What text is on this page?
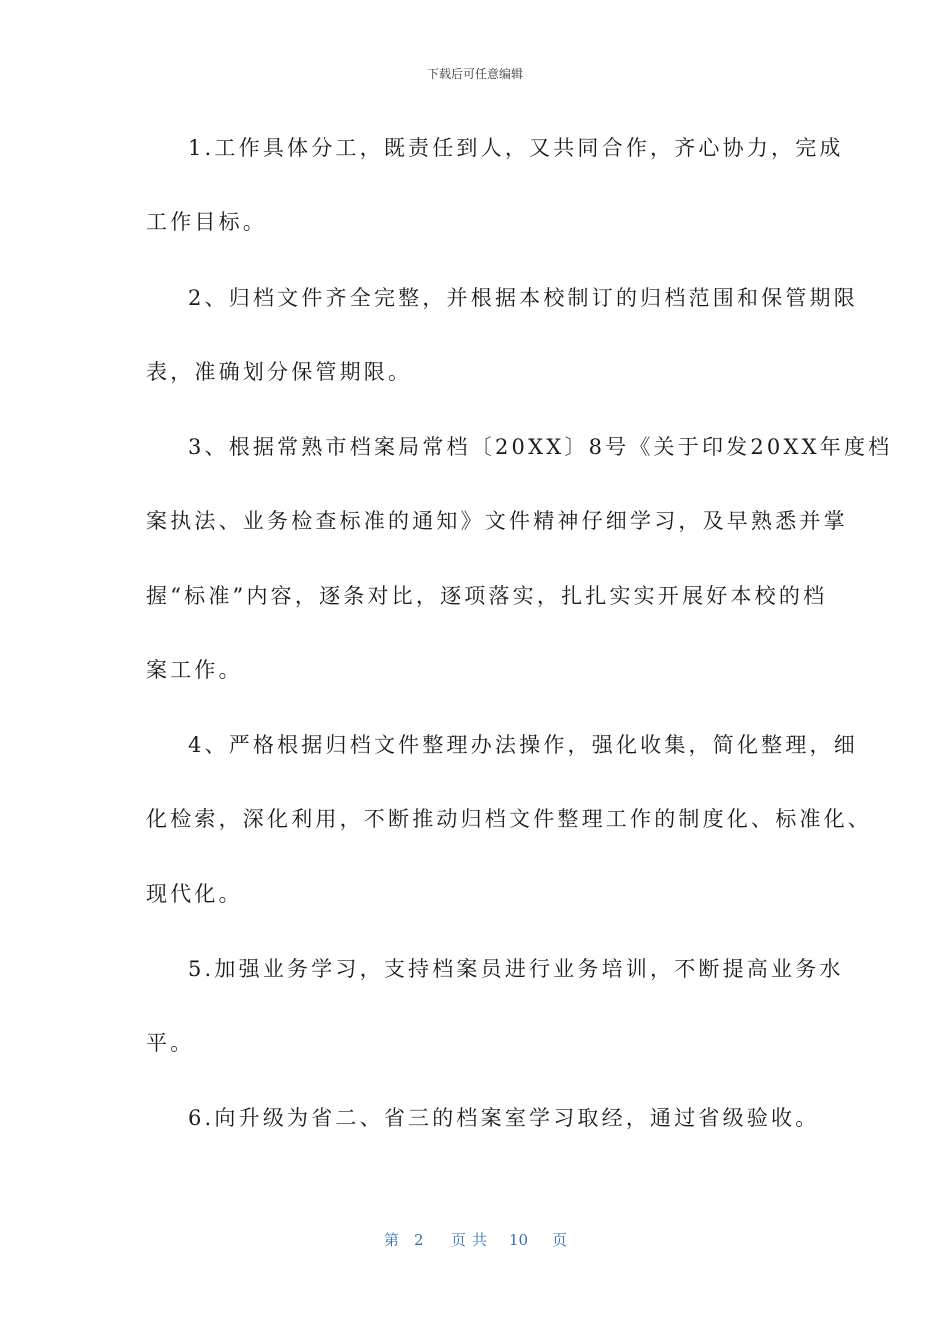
下载后可任意编辑
1.工作具体分工，既责任到人，又共同合作，齐心协力，完成
工作目标。
2、归档文件齐全完整，并根据本校制订的归档范围和保管期限
表，准确划分保管期限。
3、根据常熟市档案局常档〔20XX〕8号《关于印发20XX年度档
案执法、业务检查标准的通知》文件精神仔细学习，及早熟悉并掌
握“标准”内容，逐条对比，逐项落实，扎扎实实开展好本校的档
案工作。
4、严格根据归档文件整理办法操作，强化收集，简化整理，细
化检索，深化利用，不断推动归档文件整理工作的制度化、标准化、
现代化。
5.加强业务学习，支持档案员进行业务培训，不断提高业务水
平。
6.向升级为省二、省三的档案室学习取经，通过省级验收。
第 2 页共 10 页
